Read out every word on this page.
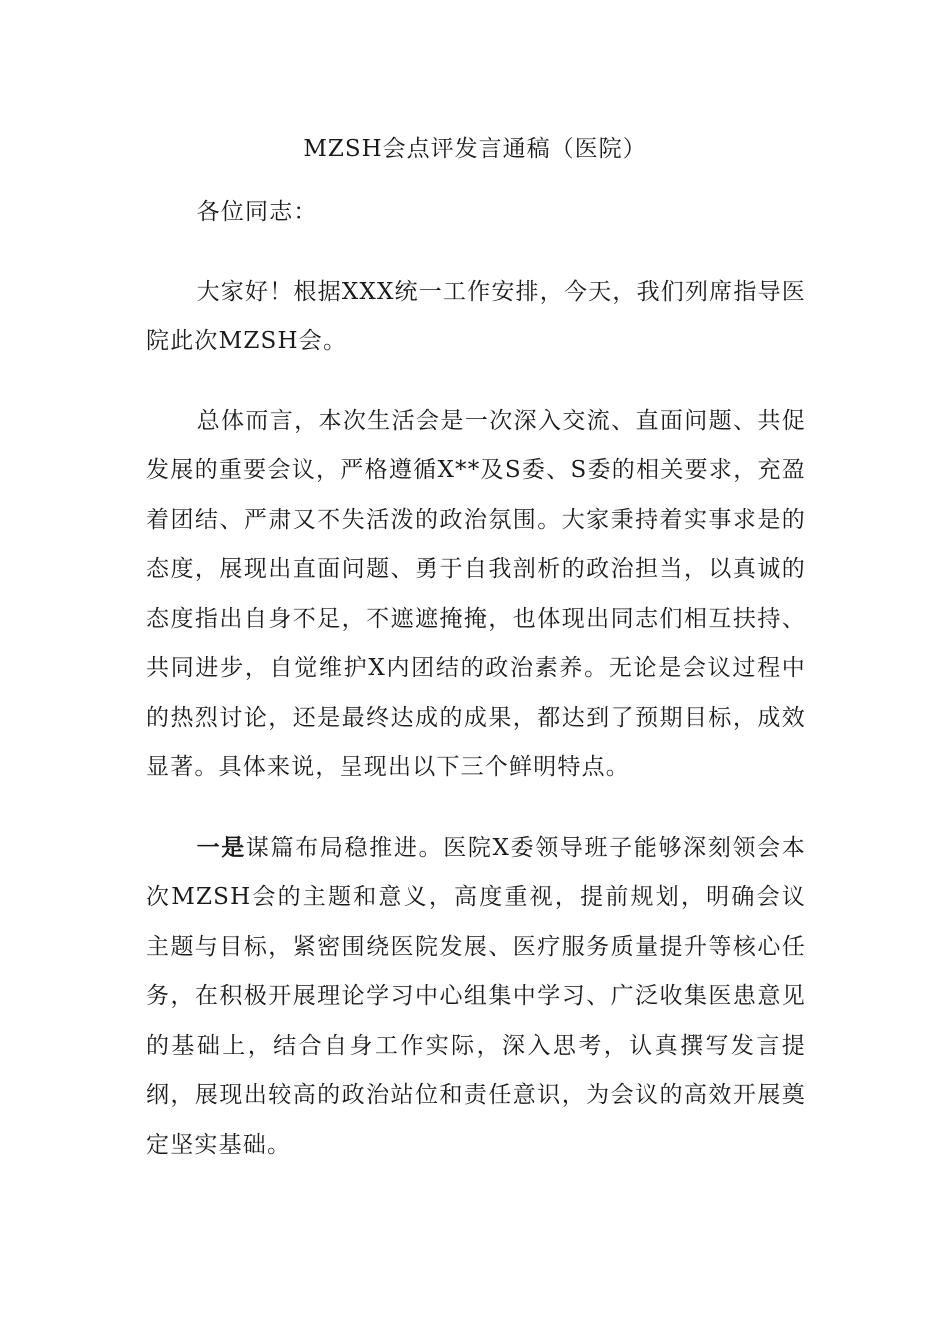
MZSH会点评发言通稿（医院）

各位同志：

大家好！根据XXX统一工作安排，今天，我们列席指导医院此次MZSH会。

总体而言，本次生活会是一次深入交流、直面问题、共促发展的重要会议，严格遵循X**及S委、S委的相关要求，充盈着团结、严肃又不失活泼的政治氛围。大家秉持着实事求是的态度，展现出直面问题、勇于自我剖析的政治担当，以真诚的态度指出自身不足，不遮遮掩掩，也体现出同志们相互扶持、共同进步，自觉维护X内团结的政治素养。无论是会议过程中的热烈讨论，还是最终达成的成果，都达到了预期目标，成效显著。具体来说，呈现出以下三个鲜明特点。

一是谋篇布局稳推进。医院X委领导班子能够深刻领会本次MZSH会的主题和意义，高度重视，提前规划，明确会议主题与目标，紧密围绕医院发展、医疗服务质量提升等核心任务，在积极开展理论学习中心组集中学习、广泛收集医患意见的基础上，结合自身工作实际，深入思考，认真撰写发言提纲，展现出较高的政治站位和责任意识，为会议的高效开展奠定坚实基础。
